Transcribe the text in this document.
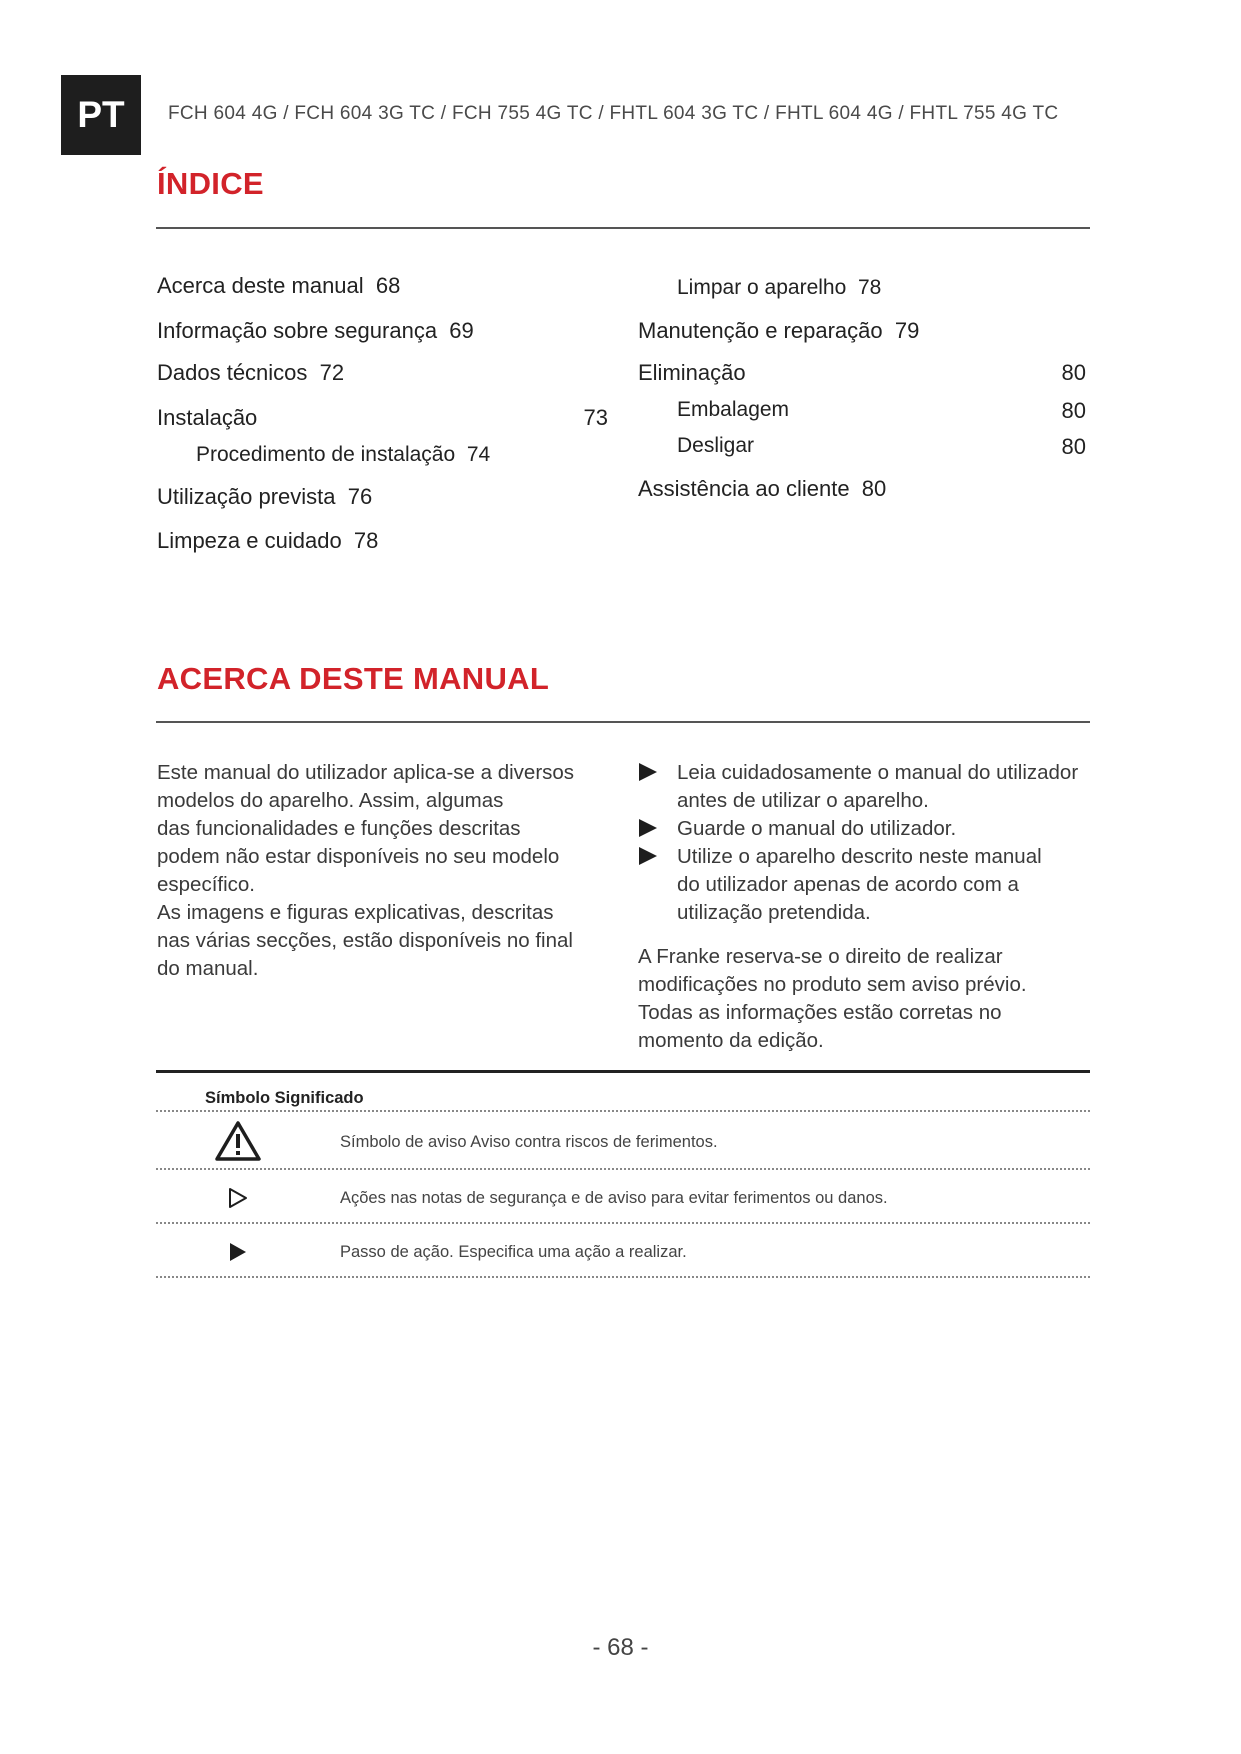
PT	FCH 604 4G / FCH 604 3G TC / FCH 755 4G TC / FHTL 604 3G TC / FHTL 604 4G / FHTL 755 4G TC
ÍNDICE
Acerca deste manual 68
Informação sobre segurança 69
Dados técnicos 72
Instalação	73
Procedimento de instalação 74
Utilização prevista 76
Limpeza e cuidado 78
Limpar o aparelho 78
Manutenção e reparação 79
Eliminação	80
Embalagem	80
Desligar	80
Assistência ao cliente 80
ACERCA DESTE MANUAL
Este manual do utilizador aplica-se a diversos
modelos do aparelho. Assim, algumas
das funcionalidades e funções descritas
podem não estar disponíveis no seu modelo
específico.
As imagens e figuras explicativas, descritas
nas várias secções, estão disponíveis no final
do manual.
Leia cuidadosamente o manual do utilizador
antes de utilizar o aparelho.
Guarde o manual do utilizador.
Utilize o aparelho descrito neste manual
do utilizador apenas de acordo com a
utilização pretendida.
A Franke reserva-se o direito de realizar
modificações no produto sem aviso prévio.
Todas as informações estão corretas no
momento da edição.
Símbolo Significado
Símbolo de aviso Aviso contra riscos de ferimentos.
Ações nas notas de segurança e de aviso para evitar ferimentos ou danos.
Passo de ação. Especifica uma ação a realizar.
- 68 -
